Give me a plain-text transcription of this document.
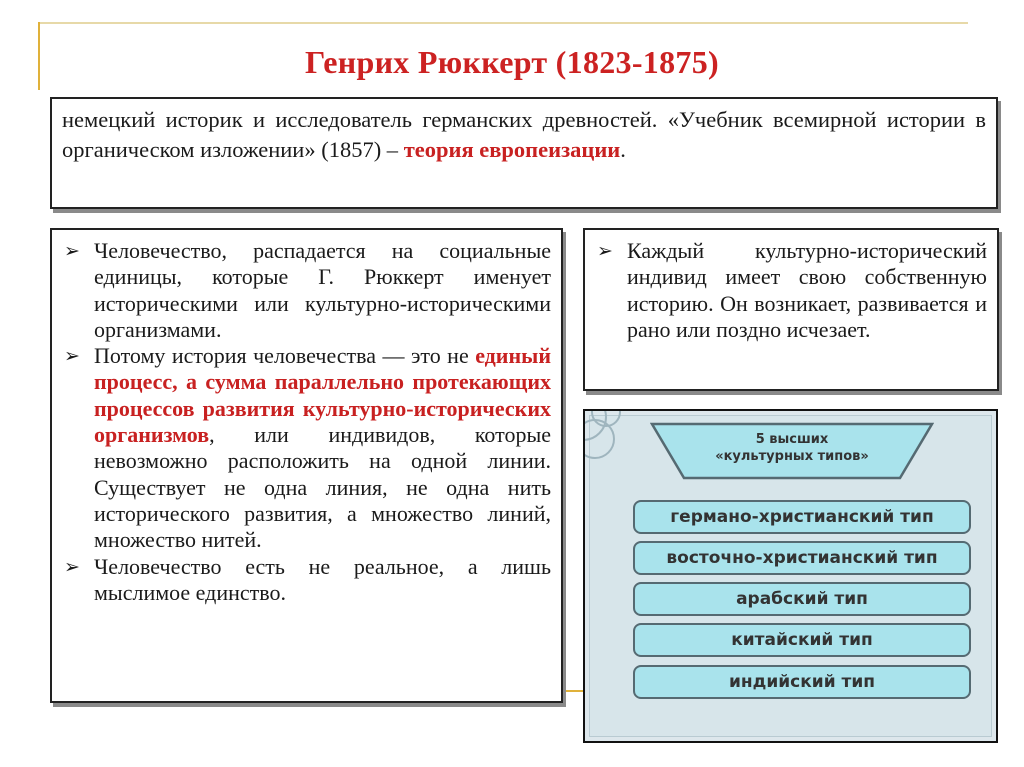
Генрих Рюккерт (1823-1875)
немецкий историк и исследователь германских древностей. «Учебник всемирной истории в органическом изложении» (1857) – теория европеизации.
➢ Человечество, распадается на социальные единицы, которые Г. Рюккерт именует историческими или культурно-историческими организмами.
➢ Потому история человечества — это не единый процесс, а сумма параллельно протекающих процессов развития культурно-исторических организмов, или индивидов, которые невозможно расположить на одной линии. Существует не одна линия, не одна нить исторического развития, а множество линий, множество нитей.
➢ Человечество есть не реальное, а лишь мыслимое единство.
➢ Каждый культурно-исторический индивид имеет свою собственную историю. Он возникает, развивается и рано или поздно исчезает.
5 высших
«культурных типов»
германо-христианский тип
восточно-христианский тип
арабский тип
китайский тип
индийский тип
